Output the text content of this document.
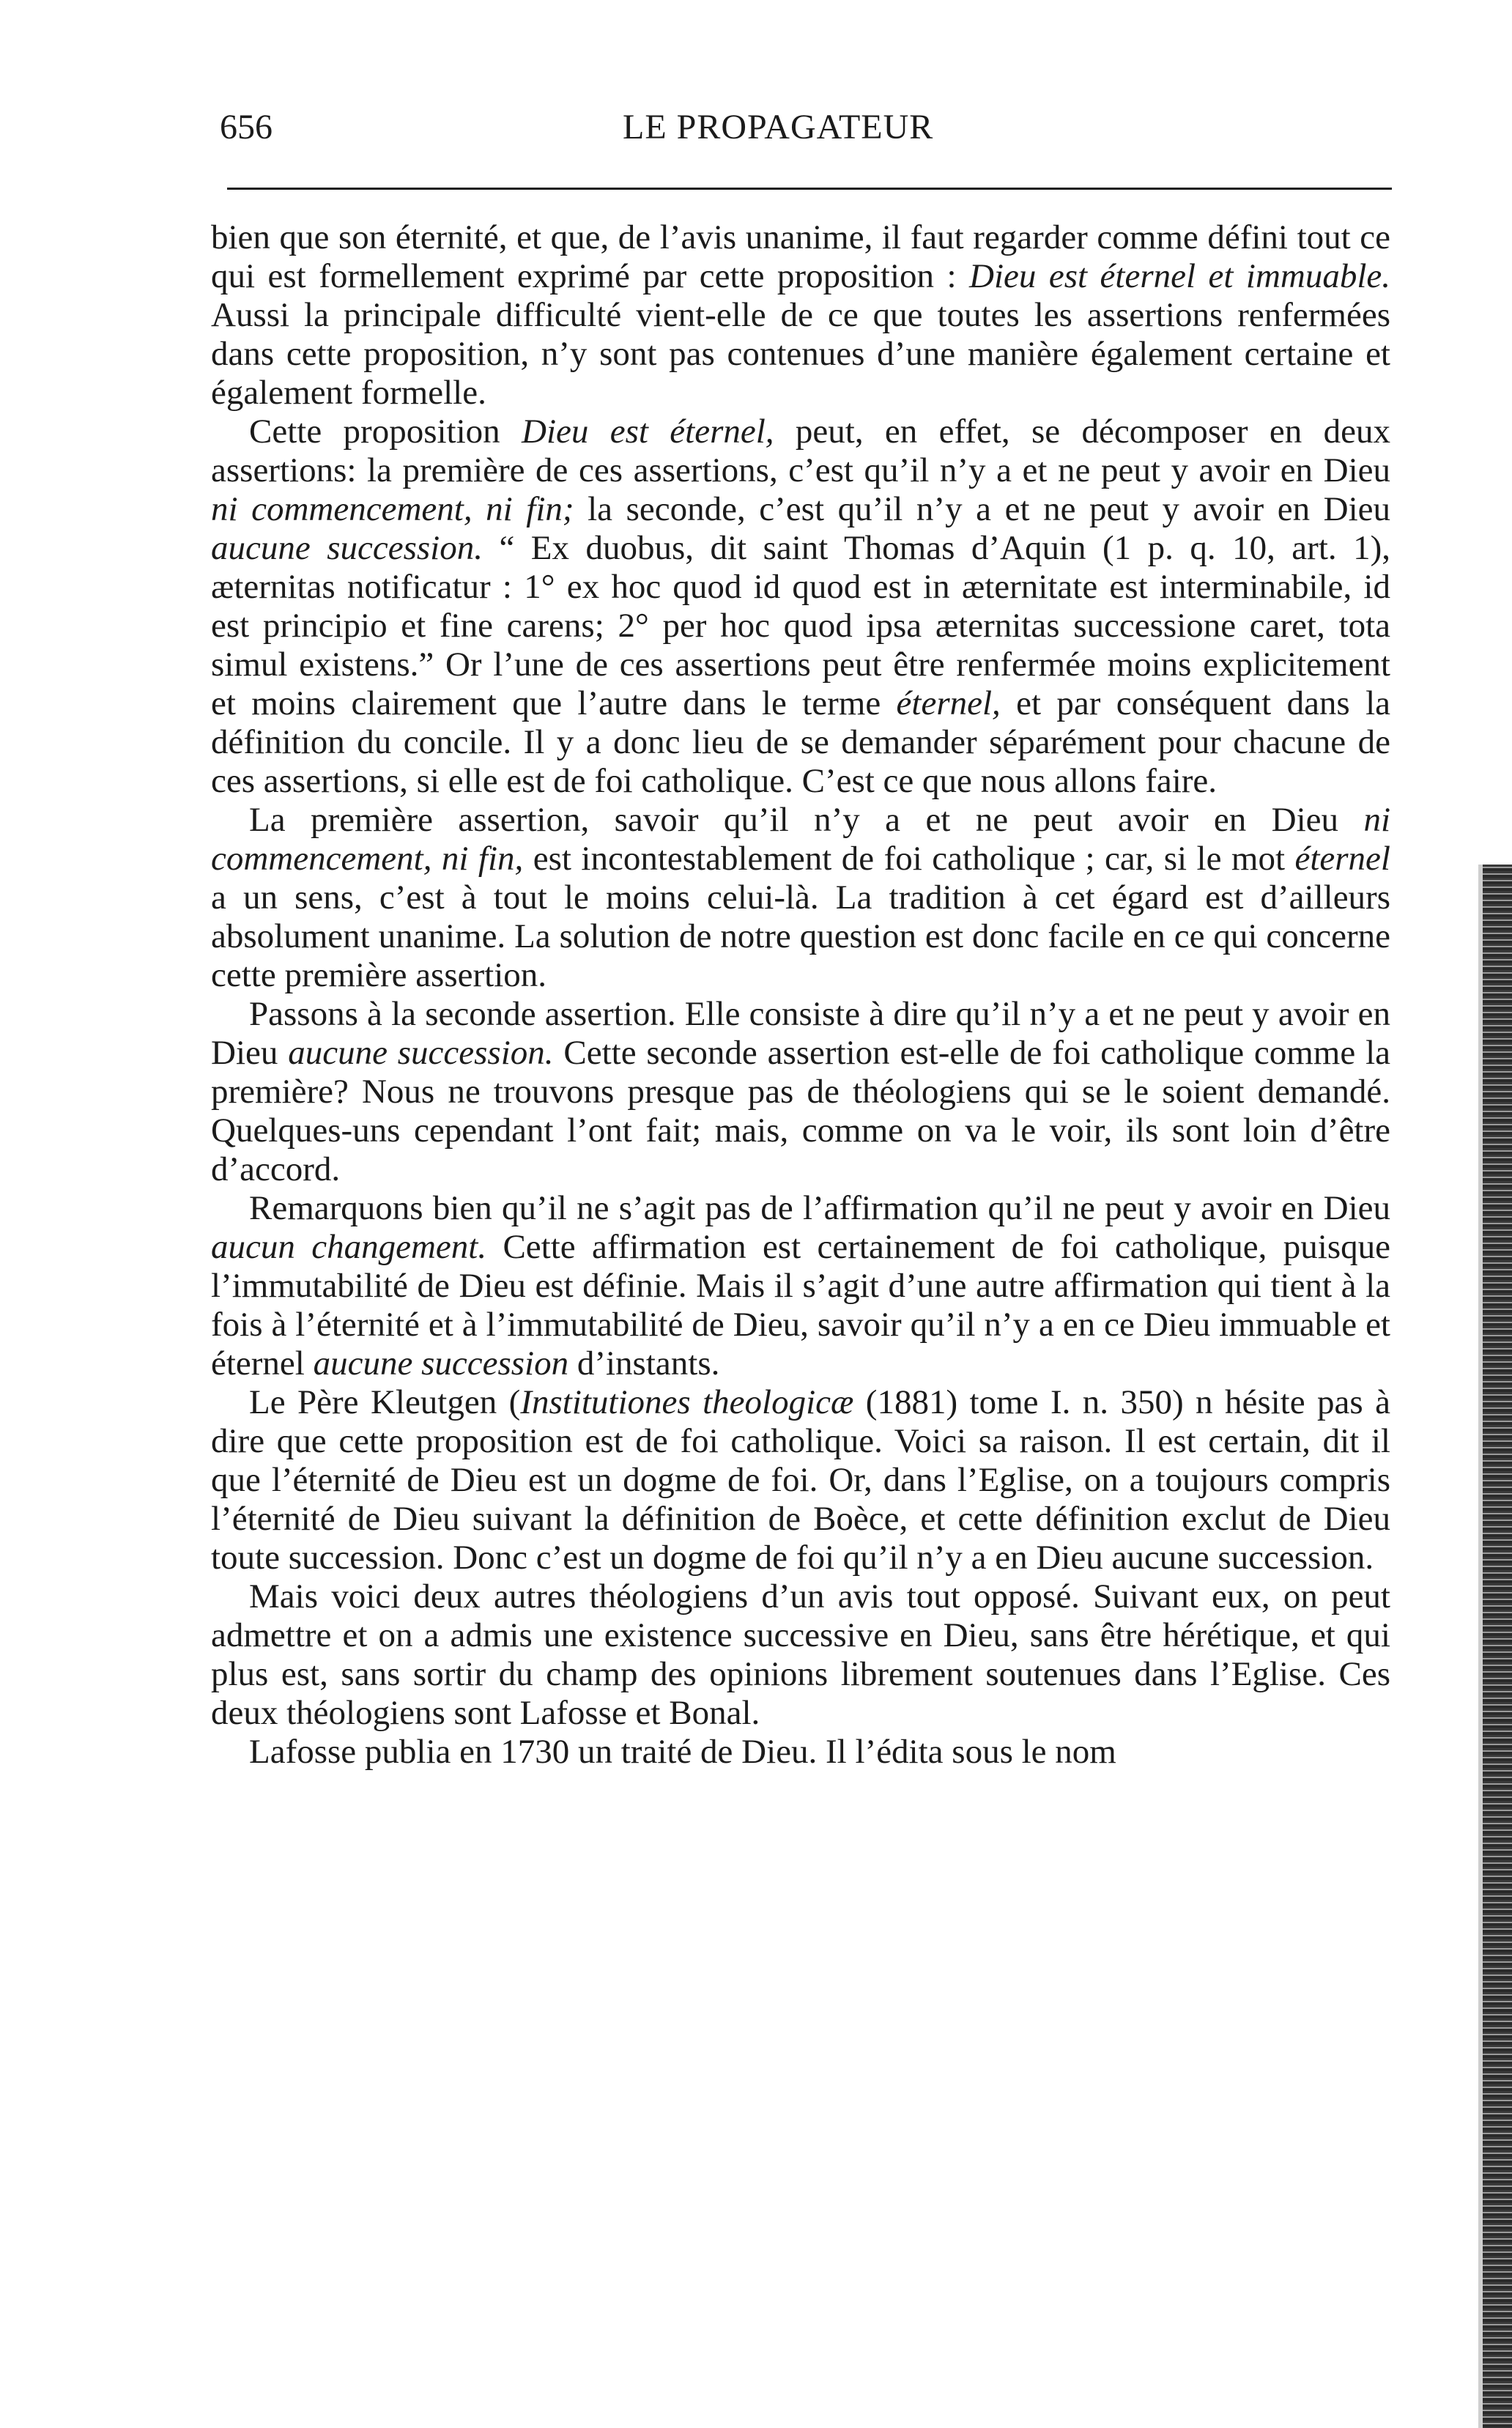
656	LE PROPAGATEUR

bien que son éternité, et que, de l’avis unanime, il faut regarder comme défini tout ce qui est formellement exprimé par cette proposition : Dieu est éternel et immuable. Aussi la principale difficulté vient-elle de ce que toutes les assertions renfermées dans cette proposition, n’y sont pas contenues d’une manière également certaine et également formelle.

Cette proposition Dieu est éternel, peut, en effet, se décomposer en deux assertions: la première de ces assertions, c’est qu’il n’y a et ne peut y avoir en Dieu ni commencement, ni fin; la seconde, c’est qu’il n’y a et ne peut y avoir en Dieu aucune succession. “ Ex duobus, dit saint Thomas d’Aquin (1 p. q. 10, art. 1), æternitas notificatur : 1° ex hoc quod id quod est in æternitate est interminabile, id est principio et fine carens; 2° per hoc quod ipsa æternitas successione caret, tota simul existens.” Or l’une de ces assertions peut être renfermée moins explicitement et moins clairement que l’autre dans le terme éternel, et par conséquent dans la définition du concile. Il y a donc lieu de se demander séparément pour chacune de ces assertions, si elle est de foi catholique. C’est ce que nous allons faire.

La première assertion, savoir qu’il n’y a et ne peut avoir en Dieu ni commencement, ni fin, est incontestablement de foi catholique ; car, si le mot éternel a un sens, c’est à tout le moins celui-là. La tradition à cet égard est d’ailleurs absolument unanime. La solution de notre question est donc facile en ce qui concerne cette première assertion.

Passons à la seconde assertion. Elle consiste à dire qu’il n’y a et ne peut y avoir en Dieu aucune succession. Cette seconde assertion est-elle de foi catholique comme la première? Nous ne trouvons presque pas de théologiens qui se le soient demandé. Quelques-uns cependant l’ont fait; mais, comme on va le voir, ils sont loin d’être d’accord.

Remarquons bien qu’il ne s’agit pas de l’affirmation qu’il ne peut y avoir en Dieu aucun changement. Cette affirmation est certainement de foi catholique, puisque l’immutabilité de Dieu est définie. Mais il s’agit d’une autre affirmation qui tient à la fois à l’éternité et à l’immutabilité de Dieu, savoir qu’il n’y a en ce Dieu immuable et éternel aucune succession d’instants.

Le Père Kleutgen (Institutiones theologicæ (1881) tome I. n. 350) n hésite pas à dire que cette proposition est de foi catholique. Voici sa raison. Il est certain, dit il que l’éternité de Dieu est un dogme de foi. Or, dans l’Eglise, on a toujours compris l’éternité de Dieu suivant la définition de Boèce, et cette définition exclut de Dieu toute succession. Donc c’est un dogme de foi qu’il n’y a en Dieu aucune succession.

Mais voici deux autres théologiens d’un avis tout opposé. Suivant eux, on peut admettre et on a admis une existence successive en Dieu, sans être hérétique, et qui plus est, sans sortir du champ des opinions librement soutenues dans l’Eglise. Ces deux théologiens sont Lafosse et Bonal.

Lafosse publia en 1730 un traité de Dieu. Il l’édita sous le nom
